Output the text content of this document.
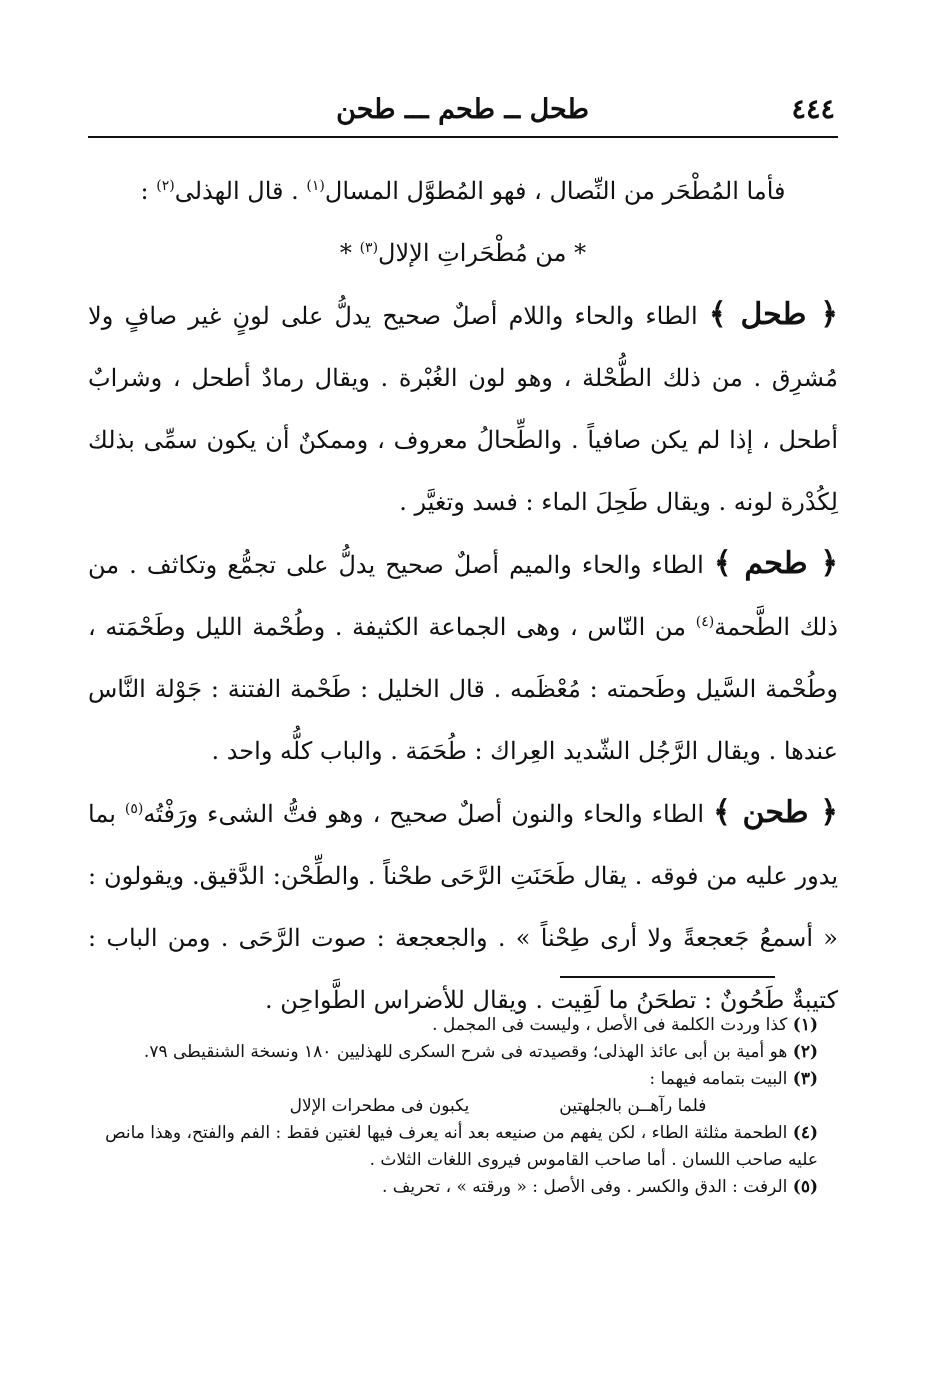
٤٤٤
طحل ــ طحم ـــ طحن

فأما المُطْحَر من النِّصال ، فهو المُطوَّل المسال$^{(١)}$ . قال الهذلى$^{(٢)}$ :

* من مُطْحَراتِ الإلال$^{(٣)}$ *

﴿ طحل ﴾ الطاء والحاء واللام أصلٌ صحيح يدلُّ على لونٍ غير صافٍ ولا مُشرِق . من ذلك الطُّحْلة ، وهو لون الغُبْرة . ويقال رمادٌ أطحل ، وشرابٌ أطحل ، إذا لم يكن صافياً . والطِّحالُ معروف ، وممكنٌ أن يكون سمِّى بذلك لِكُدْرة لونه . ويقال طَحِلَ الماء : فسد وتغيَّر .

﴿ طحم ﴾ الطاء والحاء والميم أصلٌ صحيح يدلُّ على تجمُّع وتكاثف . من ذلك الطَّحمة$^{(٤)}$ من النّاس ، وهى الجماعة الكثيفة . وطُحْمة الليل وطَحْمَته ، وطُحْمة السَّيل وطَحمته : مُعْظَمه . قال الخليل : طَحْمة الفتنة : جَوْلة النَّاس عندها . ويقال الرَّجُل الشّديد العِراك : طُحَمَة . والباب كلُّه واحد .

﴿ طحن ﴾ الطاء والحاء والنون أصلٌ صحيح ، وهو فتُّ الشىء ورَفْتُه$^{(٥)}$ بما يدور عليه من فوقه . يقال طَحَنَتِ الرَّحَى طحْناً . والطِّحْن: الدَّقيق. ويقولون : « أسمعُ جَعجعةً ولا أرى طِحْناً » . والجعجعة : صوت الرَّحَى . ومن الباب : كتيبةٌ طَحُونٌ : تطحَنُ ما لَقِيت . ويقال للأضراس الطَّواحِن .

(١) كذا وردت الكلمة فى الأصل ، وليست فى المجمل .

(٢) هو أمية بن أبى عائذ الهذلى؛ وقصيدته فى شرح السكرى للهذليين ١٨٠ ونسخة الشنقيطى ٧٩.

(٣) البيت بتمامه فيهما :

فلما رآهــن بالجلهتين
يكبون فى مطحرات الإلال

(٤) الطحمة مثلثة الطاء ، لكن يفهم من صنيعه بعد أنه يعرف فيها لغتين فقط : الفم والفتح، وهذا مانص عليه صاحب اللسان . أما صاحب القاموس فيروى اللغات الثلاث .

(٥) الرفت : الدق والكسر . وفى الأصل : « ورقته » ، تحريف .
